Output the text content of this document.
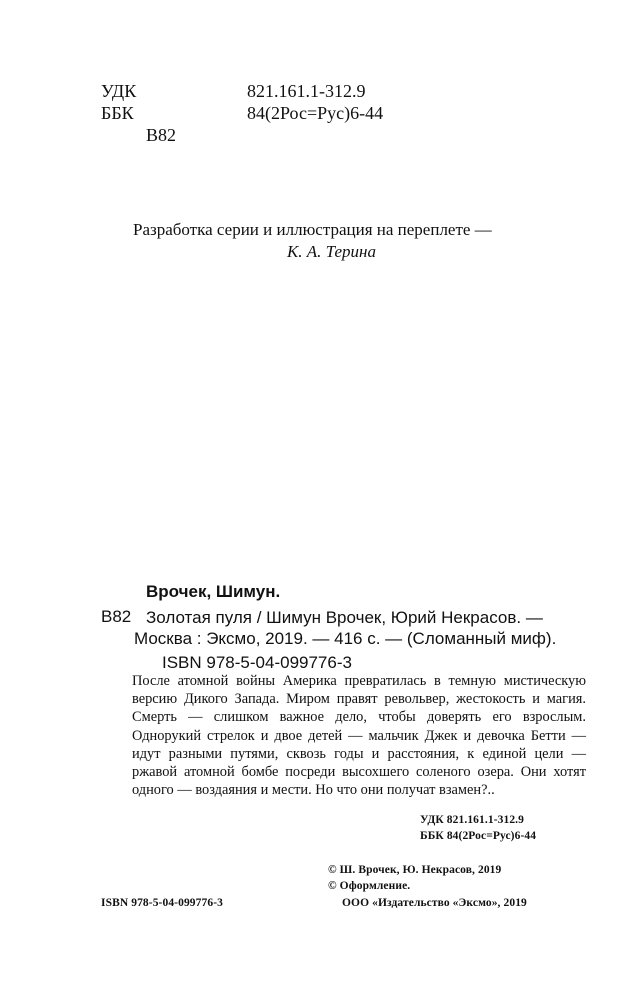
УДК	821.161.1-312.9
ББК	84(2Рос=Рус)6-44
В82
Разработка серии и иллюстрация на переплете —
К. А. Терина
Врочек, Шимун.
В82 Золотая пуля / Шимун Врочек, Юрий Некрасов. —
Москва : Эксмо, 2019. — 416 с. — (Сломанный миф).
ISBN 978-5-04-099776-3
После атомной войны Америка превратилась в темную мистическую версию Дикого Запада. Миром правят револьвер, жестокость и магия. Смерть — слишком важное дело, чтобы доверять его взрослым. Однорукий стрелок и двое детей — мальчик Джек и девочка Бетти — идут разными путями, сквозь годы и расстояния, к единой цели — ржавой атомной бомбе посреди высохшего соленого озера. Они хотят одного — воздаяния и мести. Но что они получат взамен?..
УДК 821.161.1-312.9
ББК 84(2Рос=Рус)6-44
© Ш. Врочек, Ю. Некрасов, 2019
© Оформление.
ООО «Издательство «Эксмо», 2019
ISBN 978-5-04-099776-3
